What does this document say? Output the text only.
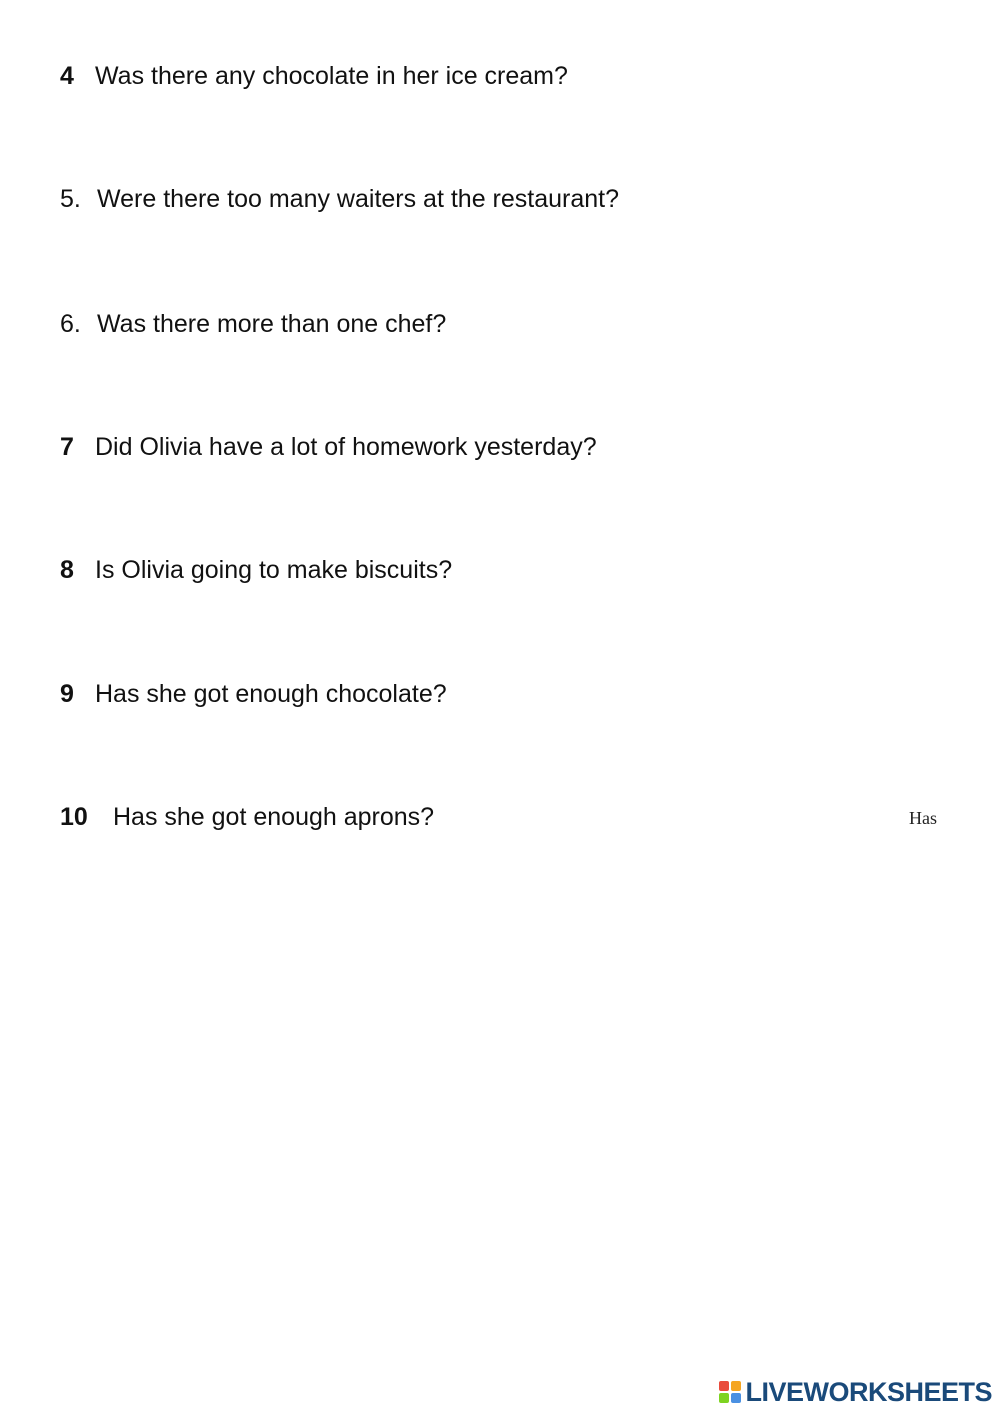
4 Was there any chocolate in her ice cream?
5. Were there too many waiters at the restaurant?
6. Was there more than one chef?
7 Did Olivia have a lot of homework yesterday?
8 Is Olivia going to make biscuits?
9 Has she got enough chocolate?
10 Has she got enough aprons?
Has
LIVEWORKSHEETS
